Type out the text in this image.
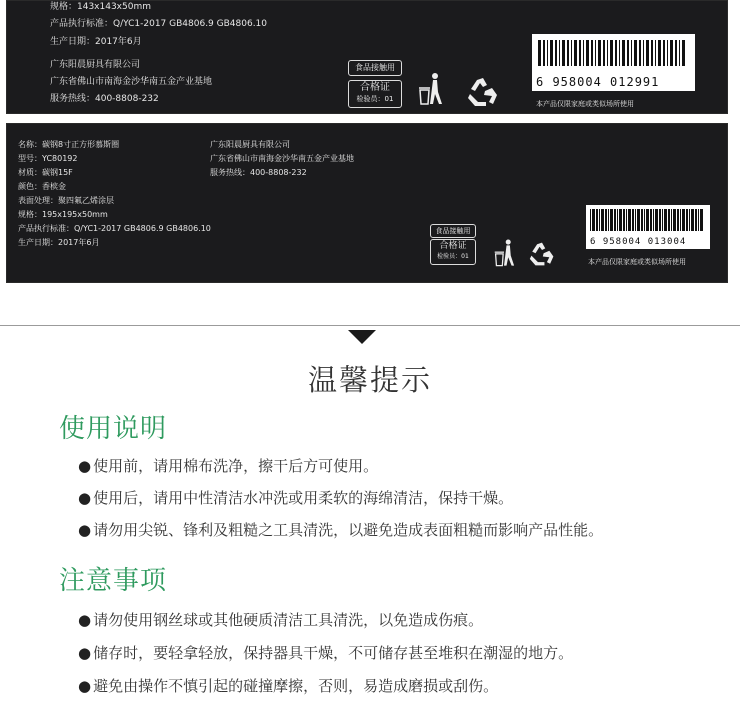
规格：143x143x50mm
产品执行标准：Q/YC1-2017 GB4806.9 GB4806.10
生产日期：2017年6月
广东阳晨厨具有限公司
广东省佛山市南海金沙华南五金产业基地
服务热线：400-8808-232
食品接触用
合格证
检验员：01
6 958004 012991
本产品仅限家庭或类似场所使用
名称：碳钢8寸正方形慕斯圈
型号：YC80192
材质：碳钢15F
颜色：香槟金
表面处理：聚四氟乙烯涂层
规格：195x195x50mm
产品执行标准：Q/YC1-2017 GB4806.9 GB4806.10
生产日期：2017年6月
广东阳晨厨具有限公司
广东省佛山市南海金沙华南五金产业基地
服务热线：400-8808-232
食品接触用
合格证
检验员：01
6 958004 013004
本产品仅限家庭或类似场所使用
温馨提示
使用说明
● 使用前，请用棉布洗净，擦干后方可使用。
● 使用后，请用中性清洁水冲洗或用柔软的海绵清洁，保持干燥。
● 请勿用尖锐、锋利及粗糙之工具清洗，以避免造成表面粗糙而影响产品性能。
注意事项
● 请勿使用钢丝球或其他硬质清洁工具清洗，以免造成伤痕。
● 储存时，要轻拿轻放，保持器具干燥，不可储存甚至堆积在潮湿的地方。
● 避免由操作不慎引起的碰撞摩擦，否则，易造成磨损或刮伤。
